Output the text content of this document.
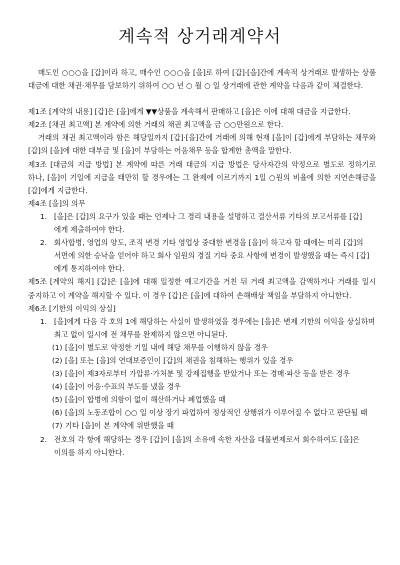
계속적 상거래계약서

매도인 ○○○을 [갑]이라 하고, 매수인 ○○○을 [을]로 하여 [갑]·[을]간에 계속적 상거래로 발생하는 상품 대금에 대한 채권·채무를 담보하기 위하여 ○○ 년 ○ 월 ○ 일 상거래에 관한 계약을 다음과 같이 체결한다.

제1조 [계약의 내용] [갑]은 [을]에게 ▼▼상품을 계속해서 판매하고 [을]은 이에 대해 대금을 지급한다.

제2조 [채권 최고액] 본 계약에 의한 거래의 채권 최고액을 금 ○○만원으로 한다.

거래의 채권 최고액이라 함은 해당일까지 [갑]·[을]간에 거래에 의해 현재 [을]이 [갑]에게 부담하는 채무와 [갑]의 [을]에 대한 대부금 및 [을]이 부담하는 어음채무 등을 합계한 총액을 말한다.

제3조 [대금의 지급 방법] 본 계약에 따른 거래 대금의 지급 방법은 당사자간의 약정으로 별도로 정하기로 하나, [을]이 기일에 지급을 태만히 할 경우에는 그 완제에 이르기까지 1일 ○원의 비율에 의한 지연손해금을 [갑]에게 지급한다.

제4조 [을]의 의무

1. [을]은 [갑]의 요구가 있을 때는 언제나 그 경리 내용을 설명하고 결산서류 기타의 보고서류를 [갑]에게 제출하여야 한다.
2. 회사합병, 영업의 양도, 조직 변경 기타 영업상 중대한 변경을 [을]이 하고자 할 때에는 미리 [갑]의 서면에 의한 승낙을 얻어야 하고 회사 임원의 경질 기타 중요 사항에 변경이 발생했을 때는 즉시 [갑]에게 통지하여야 한다.

제5조 [계약의 해지] [갑]은 [을]에 대해 일정한 예고기간을 거친 뒤 거래 최고액을 감액하거나 거래를 일시 중지하고 이 계약을 해지할 수 있다. 이 경우 [갑]은 [을]에 대하여 손해배상 책임을 부담하지 아니한다.

제6조 [기한의 이익의 상실]

1. [을]에게 다음 각 호의 1에 해당하는 사실이 발생하였을 경우에는 [을]은 변제 기한의 이익을 상실하며 최고 없이 일시에 전 채무를 완제하지 않으면 아니된다.
(1) [을]이 별도로 약정한 기일 내에 해당 채무를 이행하지 않을 경우
(2) [을] 또는 [을]의 연대보증인이 [갑]의 채권을 침해하는 행위가 있을 경우
(3) [을]이 제3자로부터 가압류·가처분 및 강제집행을 받았거나 또는 경매·파산 등을 받은 경우
(4) [을]이 어음·수표의 부도를 냈을 경우
(5) [을]이 합병에 의함이 없이 해산하거나 폐업했을 때
(6) [을]의 노동조합이 ○○ 일 이상 장기 파업하여 정상적인 상행위가 이루어질 수 없다고 판단될 때
(7) 기타 [을]이 본 계약에 위반했을 때
2. 전호의 각 항에 해당하는 경우 [갑]이 [을]의 소유에 속한 자산을 대물변제로서 회수하여도 [을]은 이의를 하지 아니한다.
